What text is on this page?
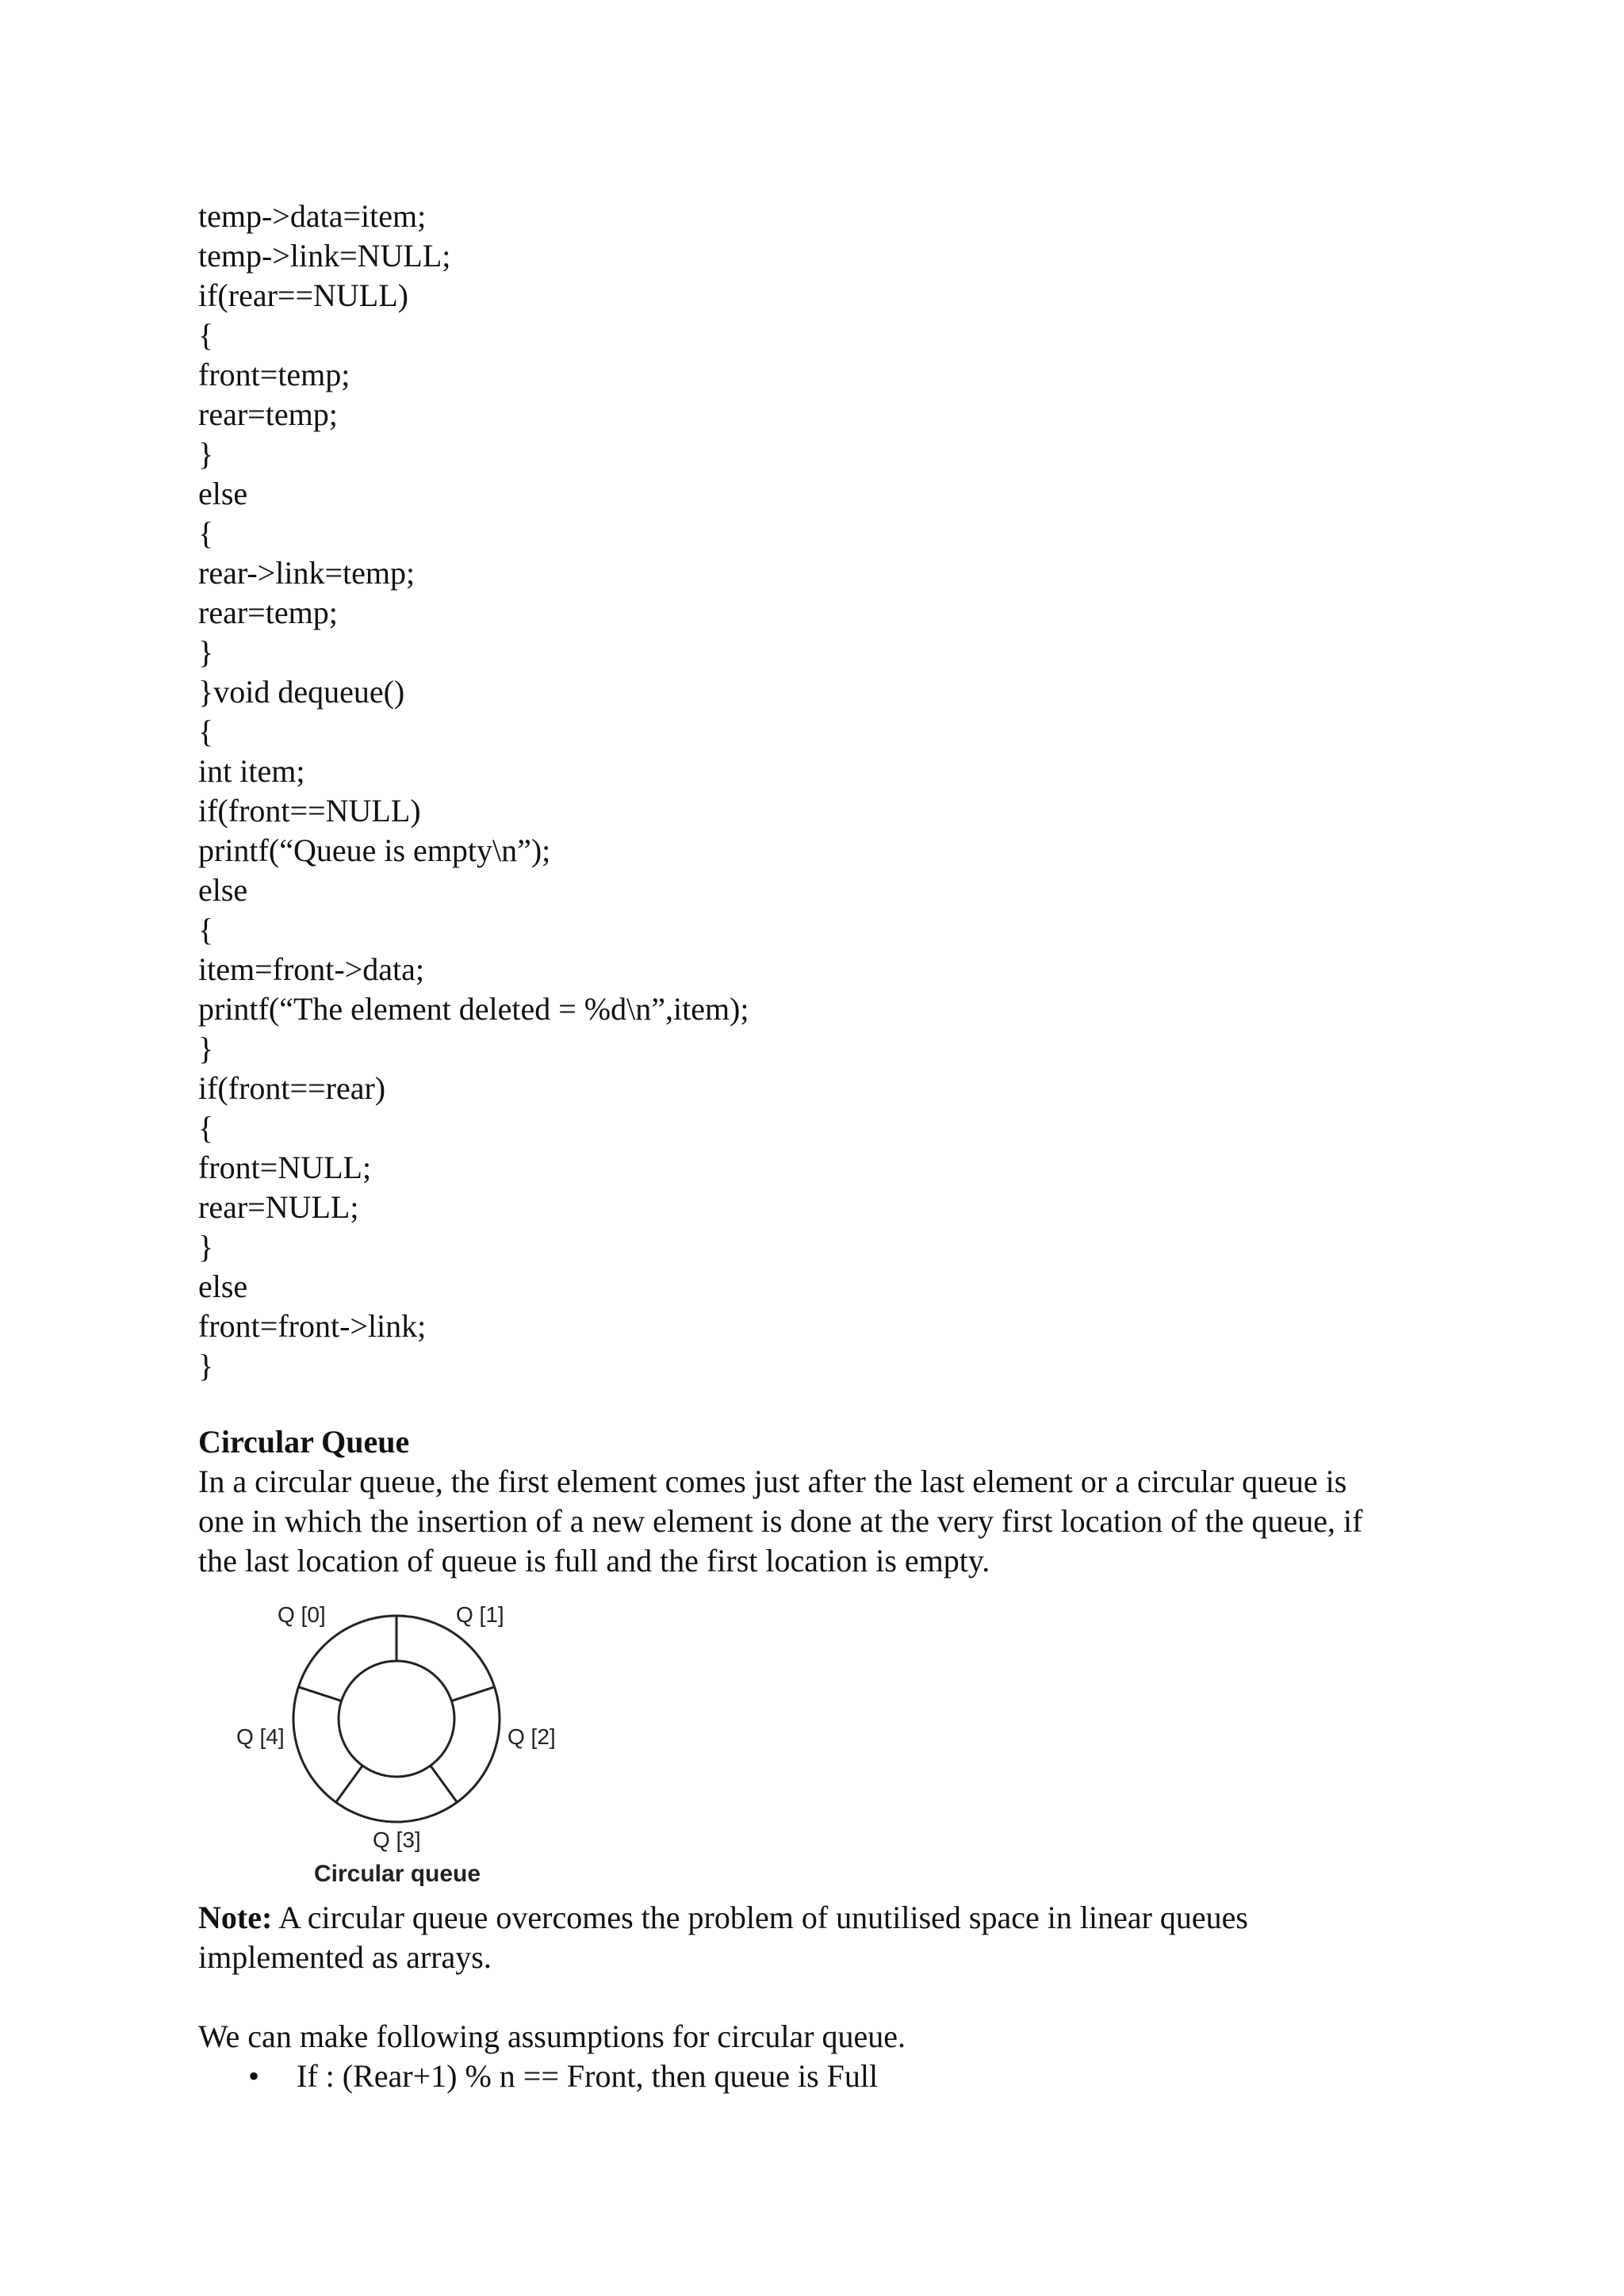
temp->data=item;
temp->link=NULL;
if(rear==NULL)
{
front=temp;
rear=temp;
}
else
{
rear->link=temp;
rear=temp;
}
}void dequeue()
{
int item;
if(front==NULL)
printf(“Queue is empty\n”);
else
{
item=front->data;
printf(“The element deleted = %d\n”,item);
}
if(front==rear)
{
front=NULL;
rear=NULL;
}
else
front=front->link;
}
Circular Queue

In a circular queue, the first element comes just after the last element or a circular queue is
one in which the insertion of a new element is done at the very first location of the queue, if
the last location of queue is full and the first location is empty.

Q [0]	Q [1]
Q [2]
Q [3]
Q [4]
Circular queue

Note: A circular queue overcomes the problem of unutilised space in linear queues
implemented as arrays.

We can make following assumptions for circular queue.

• If : (Rear+1) % n == Front, then queue is Full
